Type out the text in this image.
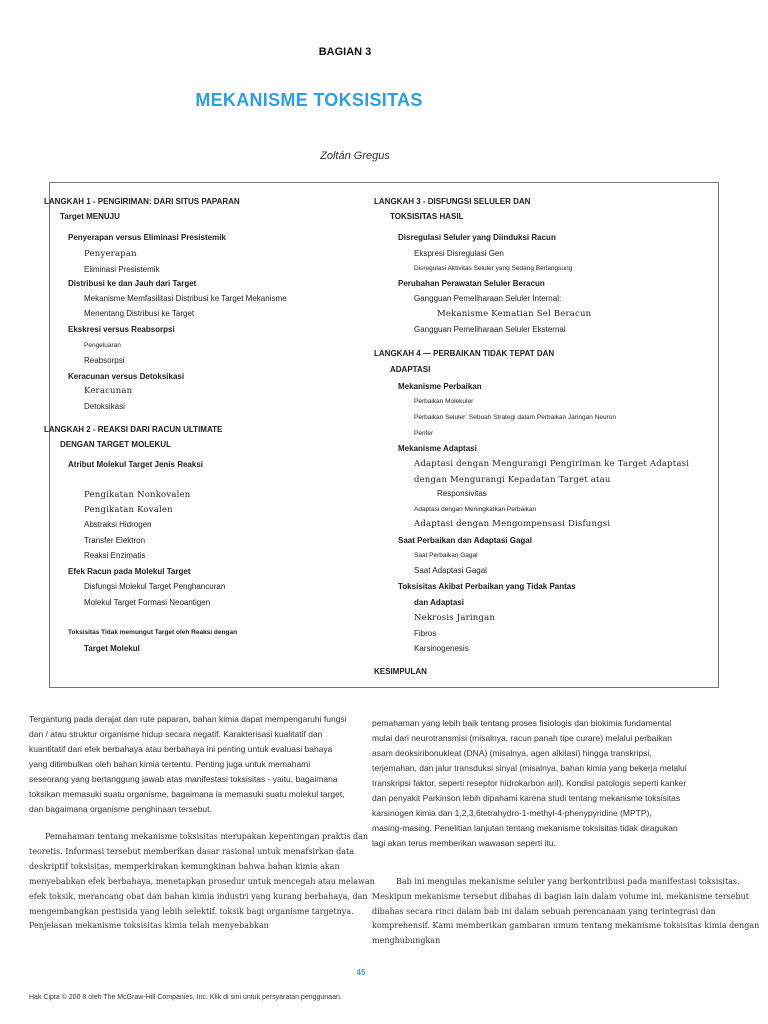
BAGIAN 3
MEKANISME TOKSISITAS
Zoltán Gregus
LANGKAH 1 - PENGIRIMAN: DARI SITUS PAPARAN
Target MENUJU
Penyerapan versus Eliminasi Presistemik
Penyerapan
Eliminasi Presistemik
Distribusi ke dan Jauh dari Target
Mekanisme Memfasilitasi Distribusi ke Target Mekanisme
Menentang Distribusi ke Target
Ekskresi versus Reabsorpsi
Pengeluaran
Reabsorpsi
Keracunan versus Detoksikasi
Keracunan
Detoksikasi
LANGKAH 2 - REAKSI DARI RACUN ULTIMATE
DENGAN TARGET MOLEKUL
Atribut Molekul Target Jenis Reaksi
Pengikatan Nonkovalen
Pengikatan Kovalen
Abstraksi Hidrogen
Transfer Elektron
Reaksi Enzimatis
Efek Racun pada Molekul Target
Disfungsi Molekul Target Penghancuran
Molekul Target Formasi Neoantigen
Toksisitas Tidak memungut Target oleh Reaksi dengan
Target Molekul
LANGKAH 3 - DISFUNGSI SELULER DAN
TOKSISITAS HASIL
Disregulasi Seluler yang Diinduksi Racun
Ekspresi Disregulasi Gen
Disregulasi Aktivitas Seluler yang Sedang Berlangsung
Perubahan Perawatan Seluler Beracun
Gangguan Pemeliharaan Seluler Internal:
Mekanisme Kematian Sel Beracun
Gangguan Pemeliharaan Seluler Eksternal
LANGKAH 4 — PERBAIKAN TIDAK TEPAT DAN
ADAPTASI
Mekanisme Perbaikan
Perbaikan Molekuler
Perbaikan Seluler: Sebuah Strategi dalam Perbaikan Jaringan Neuron
Perifer
Mekanisme Adaptasi
Adaptasi dengan Mengurangi Pengiriman ke Target Adaptasi
dengan Mengurangi Kepadatan Target atau
Responsivitas
Adaptasi dengan Meningkatkan Perbaikan
Adaptasi dengan Mengompensasi Disfungsi
Saat Perbaikan dan Adaptasi Gagal
Saat Perbaikan Gagal
Saat Adaptasi Gagal
Toksisitas Akibat Perbaikan yang Tidak Pantas
dan Adaptasi
Nekrosis Jaringan
Fibros
Karsinogenesis
KESIMPULAN
Tergantung pada derajat dan rute paparan, bahan kimia dapat mempengaruhi fungsi
dan / atau struktur organisme hidup secara negatif. Karakterisasi kualitatif dan
kuantitatif dari efek berbahaya atau berbahaya ini penting untuk evaluasi bahaya
yang ditimbulkan oleh bahan kimia tertentu. Penting juga untuk memahami
seseorang yang bertanggung jawab atas manifestasi toksisitas - yaitu, bagaimana
toksikan memasuki suatu organisme, bagaimana ia memasuki suatu molekul target,
dan bagaimana organisme penghinaan tersebut.
Pemahaman tentang mekanisme toksisitas merupakan kepentingan praktis dan
teoretis. Informasi tersebut memberikan dasar rasional untuk menafsirkan data
deskriptif toksisitas, memperkirakan kemungkinan bahwa bahan kimia akan
menyebabkan efek berbahaya, menetapkan prosedur untuk mencegah atau melawan
efek toksik, merancang obat dan bahan kimia industri yang kurang berbahaya, dan
mengembangkan pestisida yang lebih selektif. toksik bagi organisme targetnya.
Penjelasan mekanisme toksisitas kimia telah menyebabkan
pemahaman yang lebih baik tentang proses fisiologis dan biokimia fundamental
mulai dari neurotransmisi (misalnya, racun panah tipe curare) melalui perbaikan
asam deoksiribonukleat (DNA) (misalnya, agen alkilasi) hingga transkripsi,
terjemahan, dan jalur transduksi sinyal (misalnya, bahan kimia yang bekerja melalui
transkripsi faktor, seperti reseptor hidrokarbon aril). Kondisi patologis seperti kanker
dan penyakit Parkinson lebih dipahami karena studi tentang mekanisme toksisitas
karsinogen kimia dan 1,2,3,6tetrahydro-1-methyl-4-phenypyridine (MPTP),
masing-masing. Penelitian lanjutan tentang mekanisme toksisitas tidak diragukan
lagi akan terus memberikan wawasan seperti itu.
Bab ini mengulas mekanisme seluler yang berkontribusi pada manifestasi toksisitas.
Meskipun mekanisme tersebut dibahas di bagian lain dalam volume ini, mekanisme tersebut
dibahas secara rinci dalam bab ini dalam sebuah perencanaan yang terintegrasi dan
komprehensif. Kami memberikan gambaran umum tentang mekanisme toksisitas kimia dengan
menghubungkan
45
Hak Cipta © 200 8 oleh The McGraw-Hill Companies, Inc. Klik di sini untuk persyaratan penggunaan.
